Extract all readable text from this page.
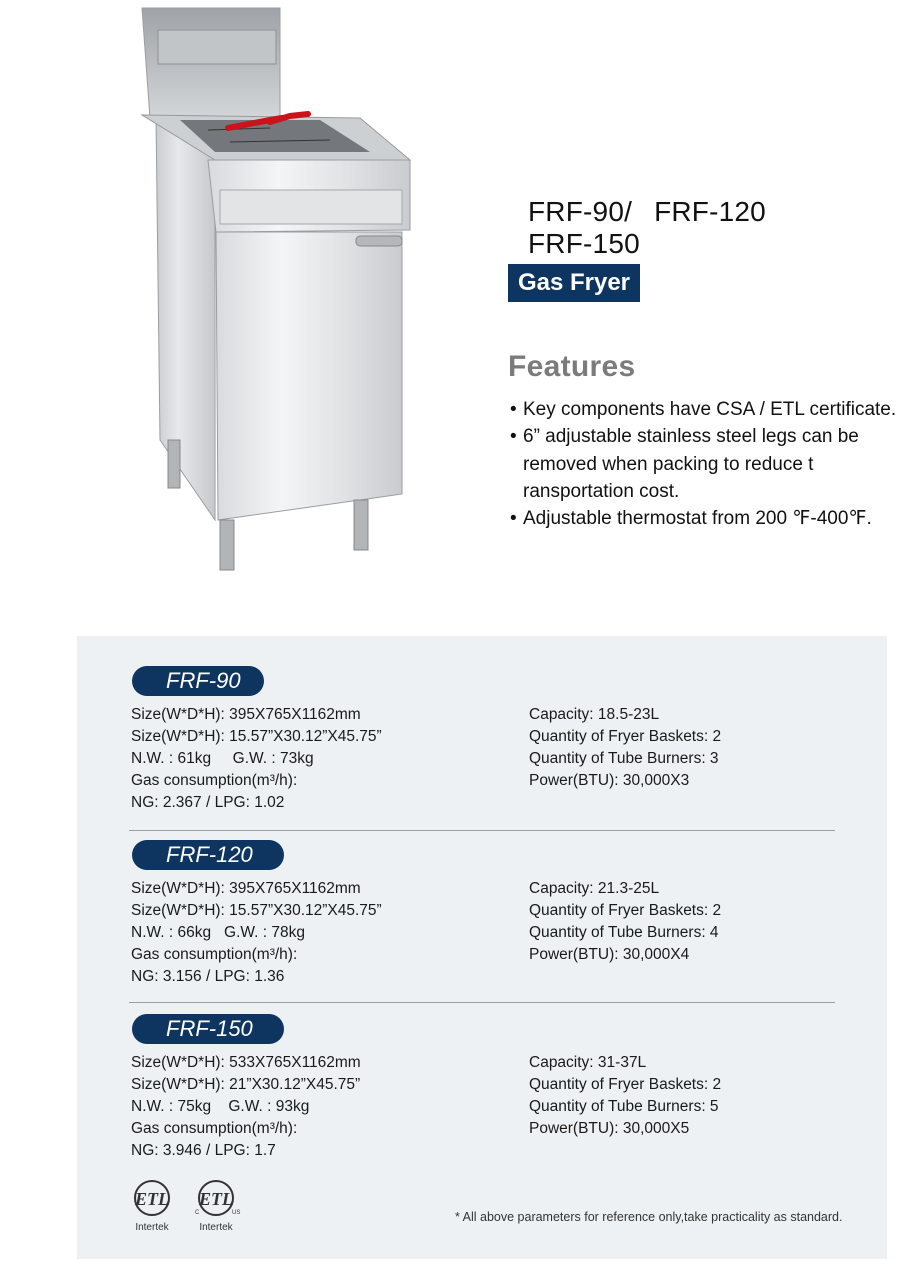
FRF-90/ FRF-120
FRF-150
Gas Fryer
Features
• Key components have CSA / ETL certificate.
• 6” adjustable stainless steel legs can be removed when packing to reduce t ransportation cost.
• Adjustable thermostat from 200 ℉-400℉.
FRF-90
Size(W*D*H): 395X765X1162mm
Size(W*D*H): 15.57”X30.12”X45.75”
N.W. : 61kg     G.W. : 73kg
Gas consumption(m³/h):
NG: 2.367 / LPG: 1.02
Capacity: 18.5-23L
Quantity of Fryer Baskets: 2
Quantity of Tube Burners: 3
Power(BTU): 30,000X3
FRF-120
Size(W*D*H): 395X765X1162mm
Size(W*D*H): 15.57”X30.12”X45.75”
N.W. : 66kg   G.W. : 78kg
Gas consumption(m³/h):
NG: 3.156 / LPG: 1.36
Capacity: 21.3-25L
Quantity of Fryer Baskets: 2
Quantity of Tube Burners: 4
Power(BTU): 30,000X4
FRF-150
Size(W*D*H): 533X765X1162mm
Size(W*D*H): 21”X30.12”X45.75”
N.W. : 75kg    G.W. : 93kg
Gas consumption(m³/h):
NG: 3.946 / LPG: 1.7
Capacity: 31-37L
Quantity of Fryer Baskets: 2
Quantity of Tube Burners: 5
Power(BTU): 30,000X5
ETL
Intertek
ETL
C	US
Intertek
* All above parameters for reference only,take practicality as standard.
